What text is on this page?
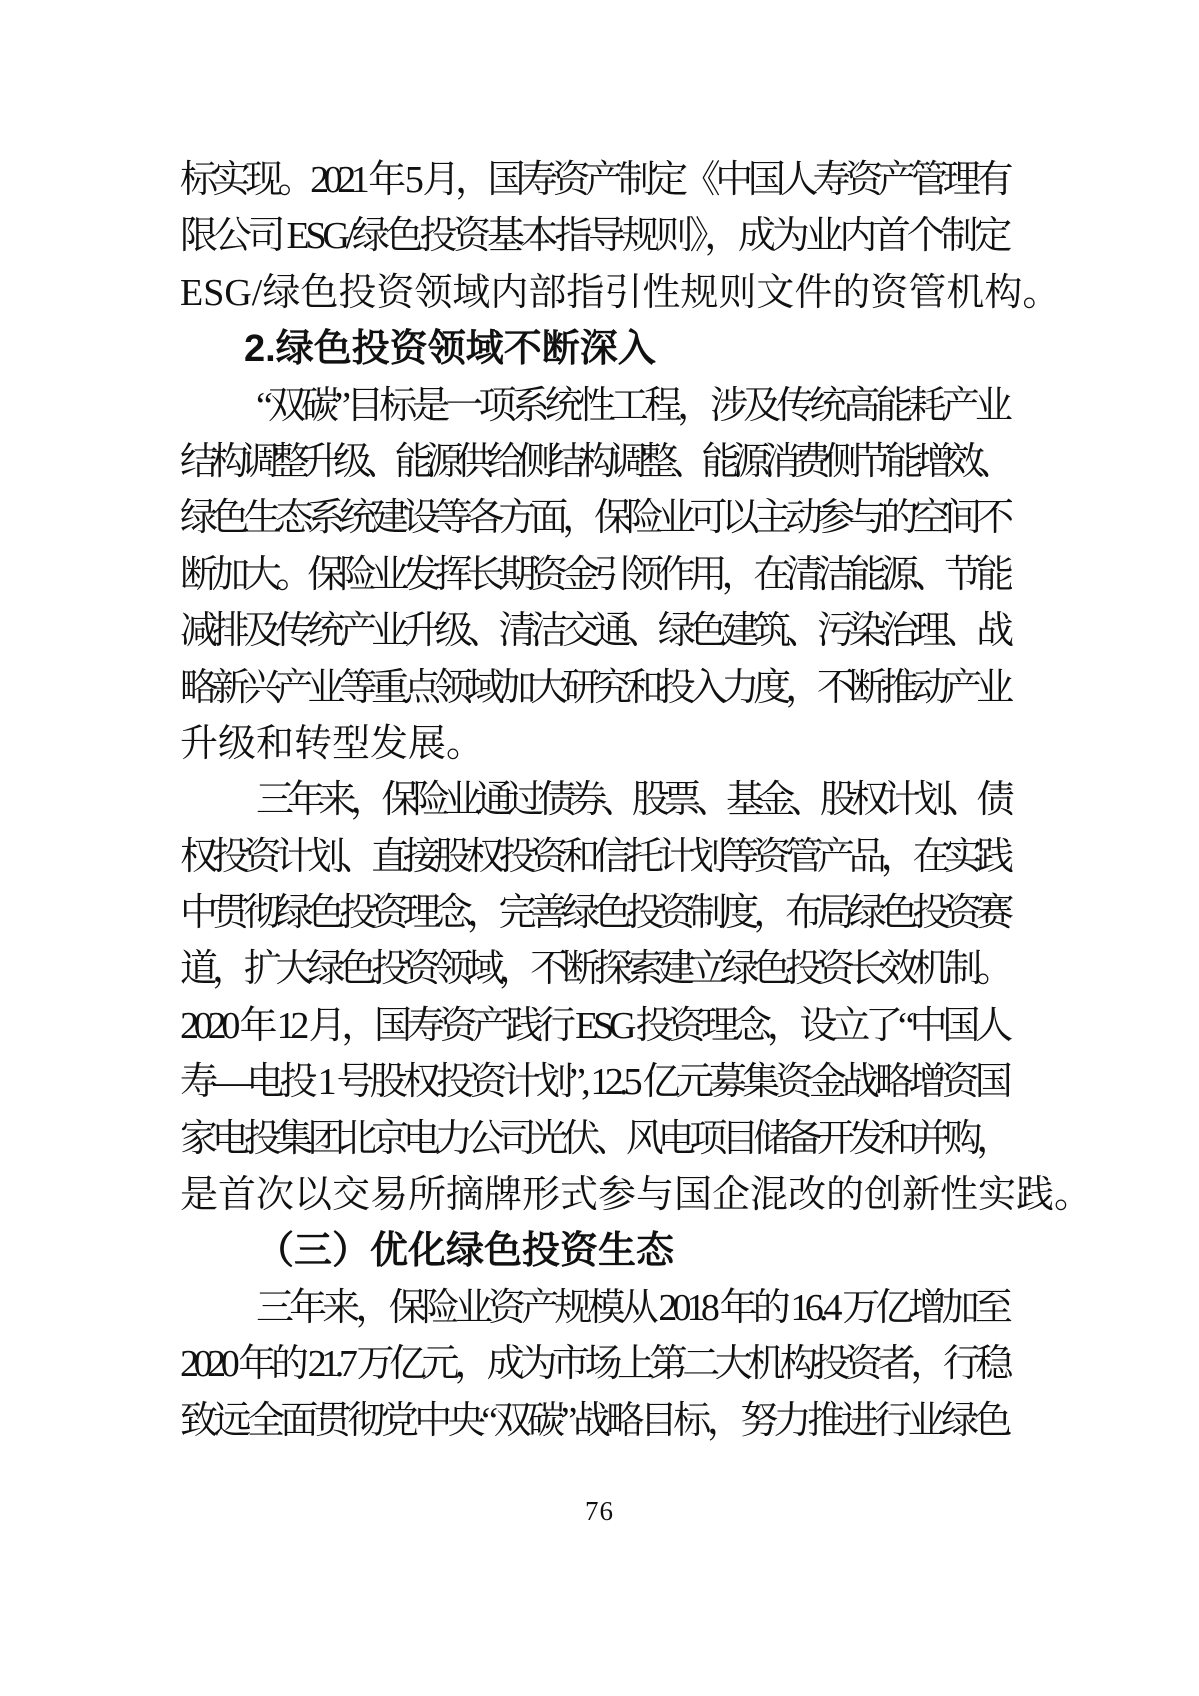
标实现。2021 年 5 月，国寿资产制定《中国人寿资产管理有
限公司 ESG/绿色投资基本指导规则》，成为业内首个制定
ESG/绿色投资领域内部指引性规则文件的资管机构。
2.绿色投资领域不断深入
“双碳”目标是一项系统性工程，涉及传统高能耗产业
结构调整升级、能源供给侧结构调整、能源消费侧节能增效、
绿色生态系统建设等各方面，保险业可以主动参与的空间不
断加大。保险业发挥长期资金引领作用，在清洁能源、节能
减排及传统产业升级、清洁交通、绿色建筑、污染治理、战
略新兴产业等重点领域加大研究和投入力度，不断推动产业
升级和转型发展。
三年来，保险业通过债券、股票、基金、股权计划、债
权投资计划、直接股权投资和信托计划等资管产品，在实践
中贯彻绿色投资理念，完善绿色投资制度，布局绿色投资赛
道，扩大绿色投资领域，不断探索建立绿色投资长效机制。
2020 年 12 月，国寿资产践行 ESG 投资理念，设立了“中国人
寿—电投 1 号股权投资计划”, 12.5 亿元募集资金战略增资国
家电投集团北京电力公司光伏、风电项目储备开发和并购，
是首次以交易所摘牌形式参与国企混改的创新性实践。
（三）优化绿色投资生态
三年来，保险业资产规模从 2018 年的 16.4 万亿增加至
2020 年的 21.7 万亿元，成为市场上第二大机构投资者，行稳
致远全面贯彻党中央“双碳”战略目标，努力推进行业绿色
76
